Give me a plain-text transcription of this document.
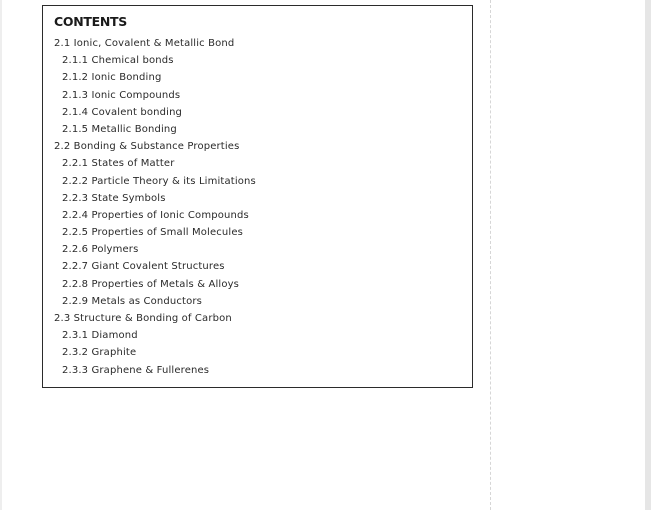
CONTENTS
2.1 Ionic, Covalent & Metallic Bond
2.1.1 Chemical bonds
2.1.2 Ionic Bonding
2.1.3 Ionic Compounds
2.1.4 Covalent bonding
2.1.5 Metallic Bonding
2.2 Bonding & Substance Properties
2.2.1 States of Matter
2.2.2 Particle Theory & its Limitations
2.2.3 State Symbols
2.2.4 Properties of Ionic Compounds
2.2.5 Properties of Small Molecules
2.2.6 Polymers
2.2.7 Giant Covalent Structures
2.2.8 Properties of Metals & Alloys
2.2.9 Metals as Conductors
2.3 Structure & Bonding of Carbon
2.3.1 Diamond
2.3.2 Graphite
2.3.3 Graphene & Fullerenes
